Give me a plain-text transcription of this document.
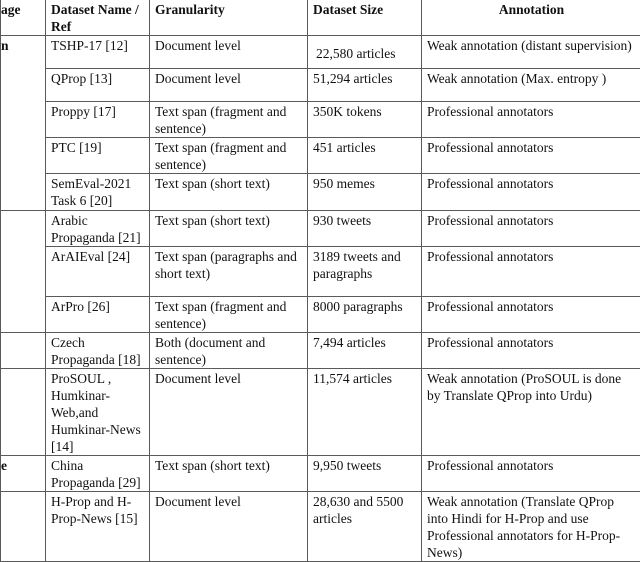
age	Dataset Name / Ref	Granularity	Dataset Size	Annotation
n	TSHP-17 [12]	Document level	22,580 articles	Weak annotation (distant supervision)
	QProp [13]	Document level	51,294 articles	Weak annotation (Max. entropy )
	Proppy [17]	Text span (fragment and sentence)	350K tokens	Professional annotators
	PTC [19]	Text span (fragment and sentence)	451 articles	Professional annotators
	SemEval-2021 Task 6 [20]	Text span (short text)	950 memes	Professional annotators
	Arabic Propaganda [21]	Text span (short text)	930 tweets	Professional annotators
	ArAIEval [24]	Text span (paragraphs and short text)	3189 tweets and paragraphs	Professional annotators
	ArPro [26]	Text span (fragment and sentence)	8000 paragraphs	Professional annotators
	Czech Propaganda [18]	Both (document and sentence)	7,494 articles	Professional annotators
	ProSOUL , Humkinar-Web,and Humkinar-News [14]	Document level	11,574 articles	Weak annotation (ProSOUL is done by Translate QProp into Urdu)
e	China Propaganda [29]	Text span (short text)	9,950 tweets	Professional annotators
	H-Prop and H-Prop-News [15]	Document level	28,630 and 5500 articles	Weak annotation (Translate QProp into Hindi for H-Prop and use Professional annotators for H-Prop-News)
